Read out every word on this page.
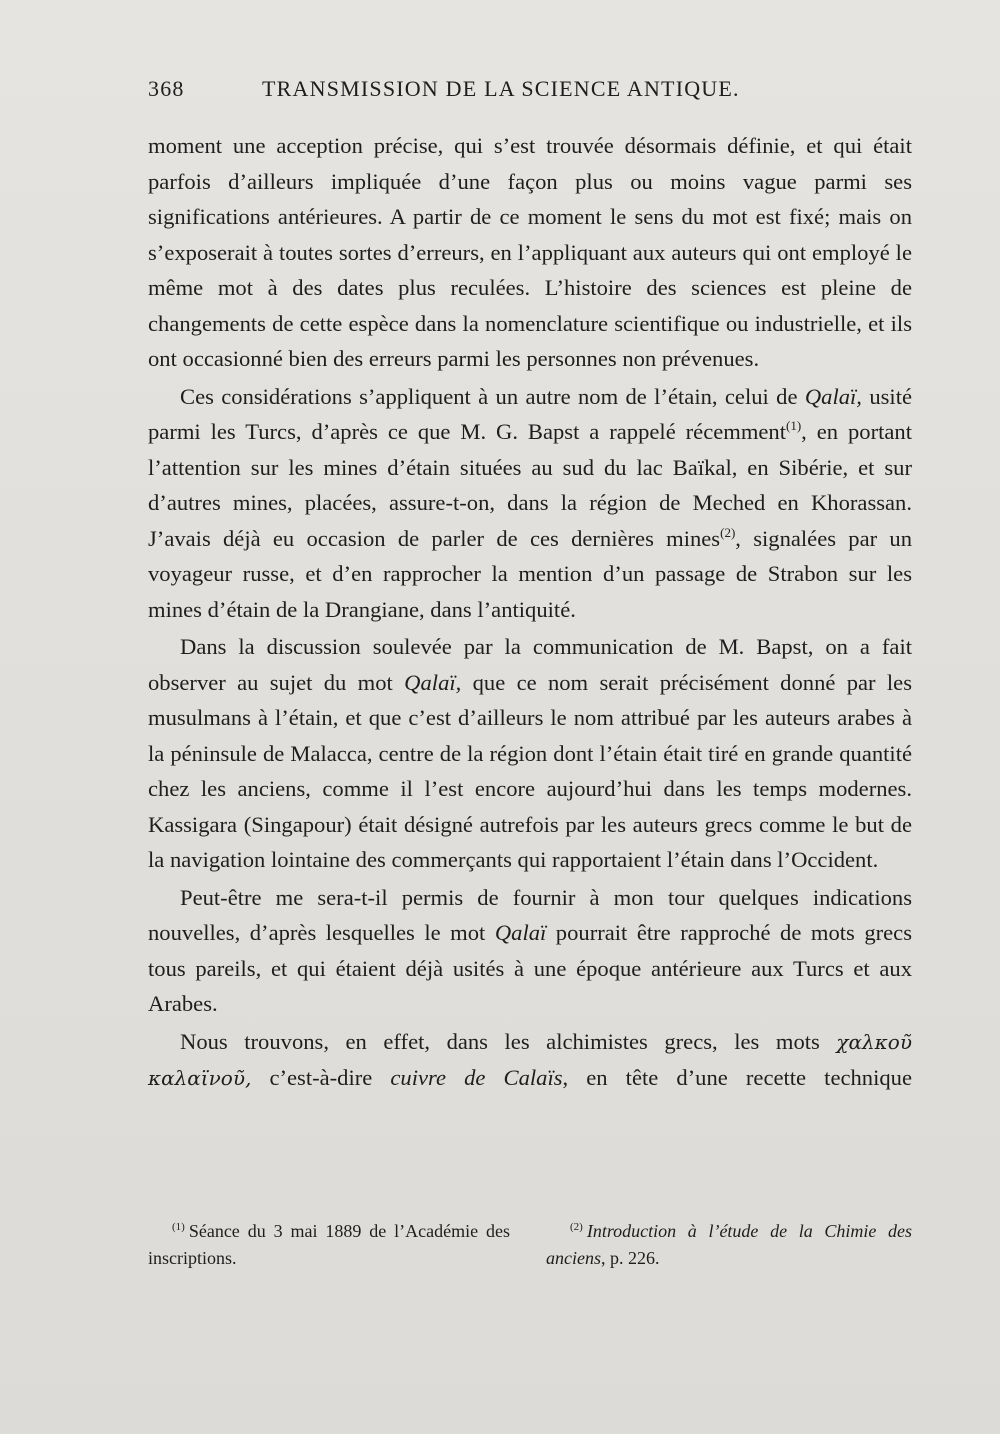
368	TRANSMISSION DE LA SCIENCE ANTIQUE.

moment une acception précise, qui s’est trouvée désormais définie, et qui était parfois d’ailleurs impliquée d’une façon plus ou moins vague parmi ses significations antérieures. A partir de ce moment le sens du mot est fixé; mais on s’exposerait à toutes sortes d’erreurs, en l’appliquant aux auteurs qui ont employé le même mot à des dates plus reculées. L’histoire des sciences est pleine de changements de cette espèce dans la nomenclature scientifique ou industrielle, et ils ont occasionné bien des erreurs parmi les personnes non prévenues.

Ces considérations s’appliquent à un autre nom de l’étain, celui de Qalaï, usité parmi les Turcs, d’après ce que M. G. Bapst a rappelé récemment$^{(1)}$, en portant l’attention sur les mines d’étain situées au sud du lac Baïkal, en Sibérie, et sur d’autres mines, placées, assure-t-on, dans la région de Meched en Khorassan. J’avais déjà eu occasion de parler de ces dernières mines$^{(2)}$, signalées par un voyageur russe, et d’en rapprocher la mention d’un passage de Strabon sur les mines d’étain de la Drangiane, dans l’antiquité.

Dans la discussion soulevée par la communication de M. Bapst, on a fait observer au sujet du mot Qalaï, que ce nom serait précisément donné par les musulmans à l’étain, et que c’est d’ailleurs le nom attribué par les auteurs arabes à la péninsule de Malacca, centre de la région dont l’étain était tiré en grande quantité chez les anciens, comme il l’est encore aujourd’hui dans les temps modernes. Kassigara (Singapour) était désigné autrefois par les auteurs grecs comme le but de la navigation lointaine des commerçants qui rapportaient l’étain dans l’Occident.

Peut-être me sera-t-il permis de fournir à mon tour quelques indications nouvelles, d’après lesquelles le mot Qalaï pourrait être rapproché de mots grecs tous pareils, et qui étaient déjà usités à une époque antérieure aux Turcs et aux Arabes.

Nous trouvons, en effet, dans les alchimistes grecs, les mots χαλκοῦ καλαϊνοῦ, c’est-à-dire cuivre de Calaïs, en tête d’une recette technique

$^{(1)}$ Séance du 3 mai 1889 de l’Académie des inscriptions.
$^{(2)}$ Introduction à l’étude de la Chimie des anciens, p. 226.
